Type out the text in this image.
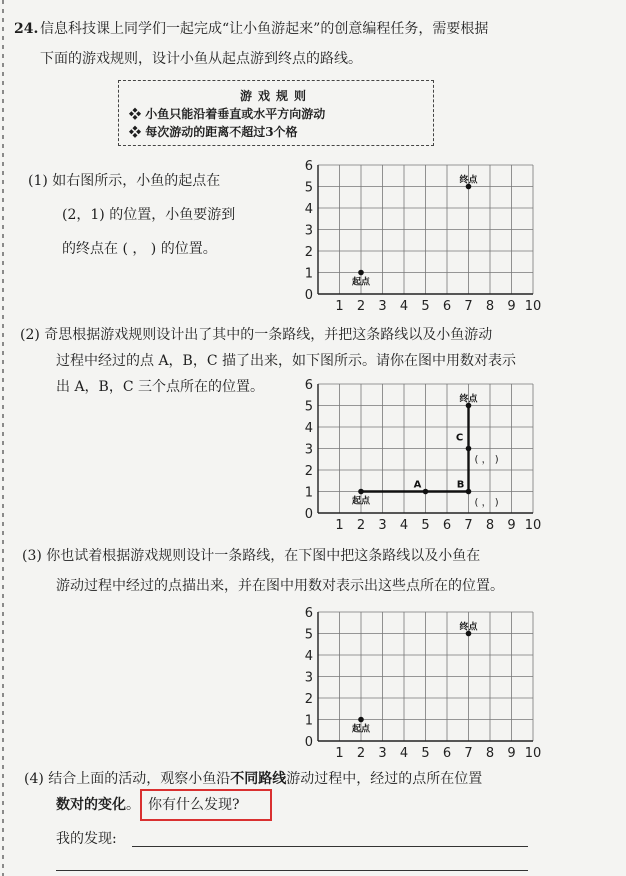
24. 信息科技课上同学们一起完成“让小鱼游起来”的创意编程任务，需要根据
下面的游戏规则，设计小鱼从起点游到终点的路线。
游戏规则
❖ 小鱼只能沿着垂直或水平方向游动
❖ 每次游动的距离不超过3个格
(1) 如右图所示，小鱼的起点在
(2，1) 的位置，小鱼要游到
的终点在 ( ， ) 的位置。
1 2 3 4 5 6 7 8 9 10
1
2
3
4
5
6
0
起点
终点
(2) 奇思根据游戏规则设计出了其中的一条路线，并把这条路线以及小鱼游动
过程中经过的点 A，B，C 描了出来，如下图所示。请你在图中用数对表示
出 A，B，C 三个点所在的位置。
1 2 3 4 5 6 7 8 9 10
1
2
3
4
5
6
0
起点
A	B
C
终点
( ， )
( ， )
(3) 你也试着根据游戏规则设计一条路线，在下图中把这条路线以及小鱼在
游动过程中经过的点描出来，并在图中用数对表示出这些点所在的位置。
1 2 3 4 5 6 7 8 9 10
1
2
3
4
5
6
0
起点
终点
(4) 结合上面的活动，观察小鱼沿不同路线游动过程中，经过的点所在位置
数对的变化。 你有什么发现?
我的发现:
